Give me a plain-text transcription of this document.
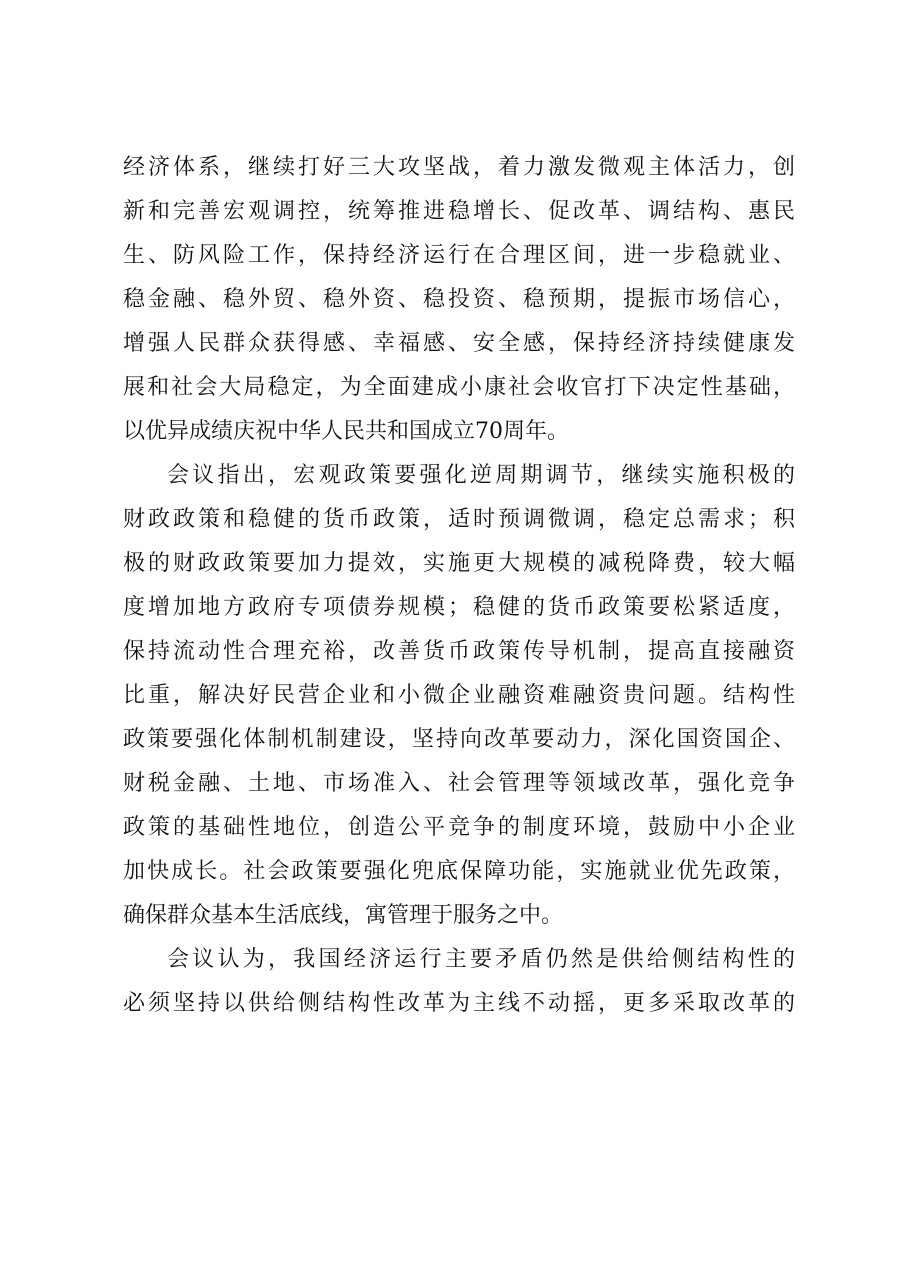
经济体系，继续打好三大攻坚战，着力激发微观主体活力，创
新和完善宏观调控，统筹推进稳增长、促改革、调结构、惠民
生、防风险工作，保持经济运行在合理区间，进一步稳就业、
稳金融、稳外贸、稳外资、稳投资、稳预期，提振市场信心，
增强人民群众获得感、幸福感、安全感，保持经济持续健康发
展和社会大局稳定，为全面建成小康社会收官打下决定性基础，
以优异成绩庆祝中华人民共和国成立70周年。
会议指出，宏观政策要强化逆周期调节，继续实施积极的
财政政策和稳健的货币政策，适时预调微调，稳定总需求；积
极的财政政策要加力提效，实施更大规模的减税降费，较大幅
度增加地方政府专项债券规模；稳健的货币政策要松紧适度，
保持流动性合理充裕，改善货币政策传导机制，提高直接融资
比重，解决好民营企业和小微企业融资难融资贵问题。结构性
政策要强化体制机制建设，坚持向改革要动力，深化国资国企、
财税金融、土地、市场准入、社会管理等领域改革，强化竞争
政策的基础性地位，创造公平竞争的制度环境，鼓励中小企业
加快成长。社会政策要强化兜底保障功能，实施就业优先政策，
确保群众基本生活底线，寓管理于服务之中。
会议认为，我国经济运行主要矛盾仍然是供给侧结构性的
必须坚持以供给侧结构性改革为主线不动摇，更多采取改革的
